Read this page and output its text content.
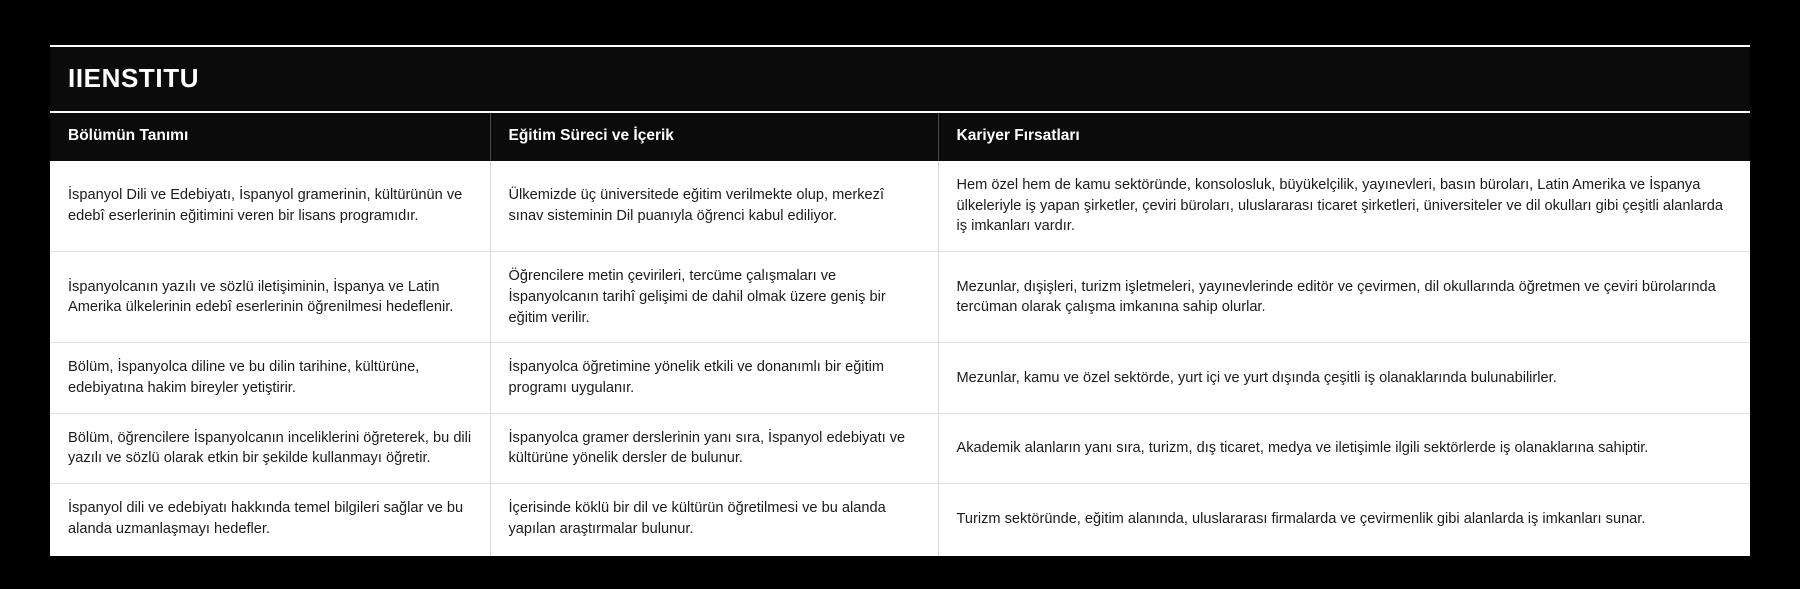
IIENSTITU
Bölümün Tanımı	Eğitim Süreci ve İçerik	Kariyer Fırsatları
İspanyol Dili ve Edebiyatı, İspanyol gramerinin, kültürünün ve edebî eserlerinin eğitimini veren bir lisans programıdır.	Ülkemizde üç üniversitede eğitim verilmekte olup, merkezî sınav sisteminin Dil puanıyla öğrenci kabul ediliyor.	Hem özel hem de kamu sektöründe, konsolosluk, büyükelçilik, yayınevleri, basın büroları, Latin Amerika ve İspanya ülkeleriyle iş yapan şirketler, çeviri büroları, uluslararası ticaret şirketleri, üniversiteler ve dil okulları gibi çeşitli alanlarda iş imkanları vardır.
İspanyolcanın yazılı ve sözlü iletişiminin, İspanya ve Latin Amerika ülkelerinin edebî eserlerinin öğrenilmesi hedeflenir.	Öğrencilere metin çevirileri, tercüme çalışmaları ve İspanyolcanın tarihî gelişimi de dahil olmak üzere geniş bir eğitim verilir.	Mezunlar, dışişleri, turizm işletmeleri, yayınevlerinde editör ve çevirmen, dil okullarında öğretmen ve çeviri bürolarında tercüman olarak çalışma imkanına sahip olurlar.
Bölüm, İspanyolca diline ve bu dilin tarihine, kültürüne, edebiyatına hakim bireyler yetiştirir.	İspanyolca öğretimine yönelik etkili ve donanımlı bir eğitim programı uygulanır.	Mezunlar, kamu ve özel sektörde, yurt içi ve yurt dışında çeşitli iş olanaklarında bulunabilirler.
Bölüm, öğrencilere İspanyolcanın inceliklerini öğreterek, bu dili yazılı ve sözlü olarak etkin bir şekilde kullanmayı öğretir.	İspanyolca gramer derslerinin yanı sıra, İspanyol edebiyatı ve kültürüne yönelik dersler de bulunur.	Akademik alanların yanı sıra, turizm, dış ticaret, medya ve iletişimle ilgili sektörlerde iş olanaklarına sahiptir.
İspanyol dili ve edebiyatı hakkında temel bilgileri sağlar ve bu alanda uzmanlaşmayı hedefler.	İçerisinde köklü bir dil ve kültürün öğretilmesi ve bu alanda yapılan araştırmalar bulunur.	Turizm sektöründe, eğitim alanında, uluslararası firmalarda ve çevirmenlik gibi alanlarda iş imkanları sunar.
